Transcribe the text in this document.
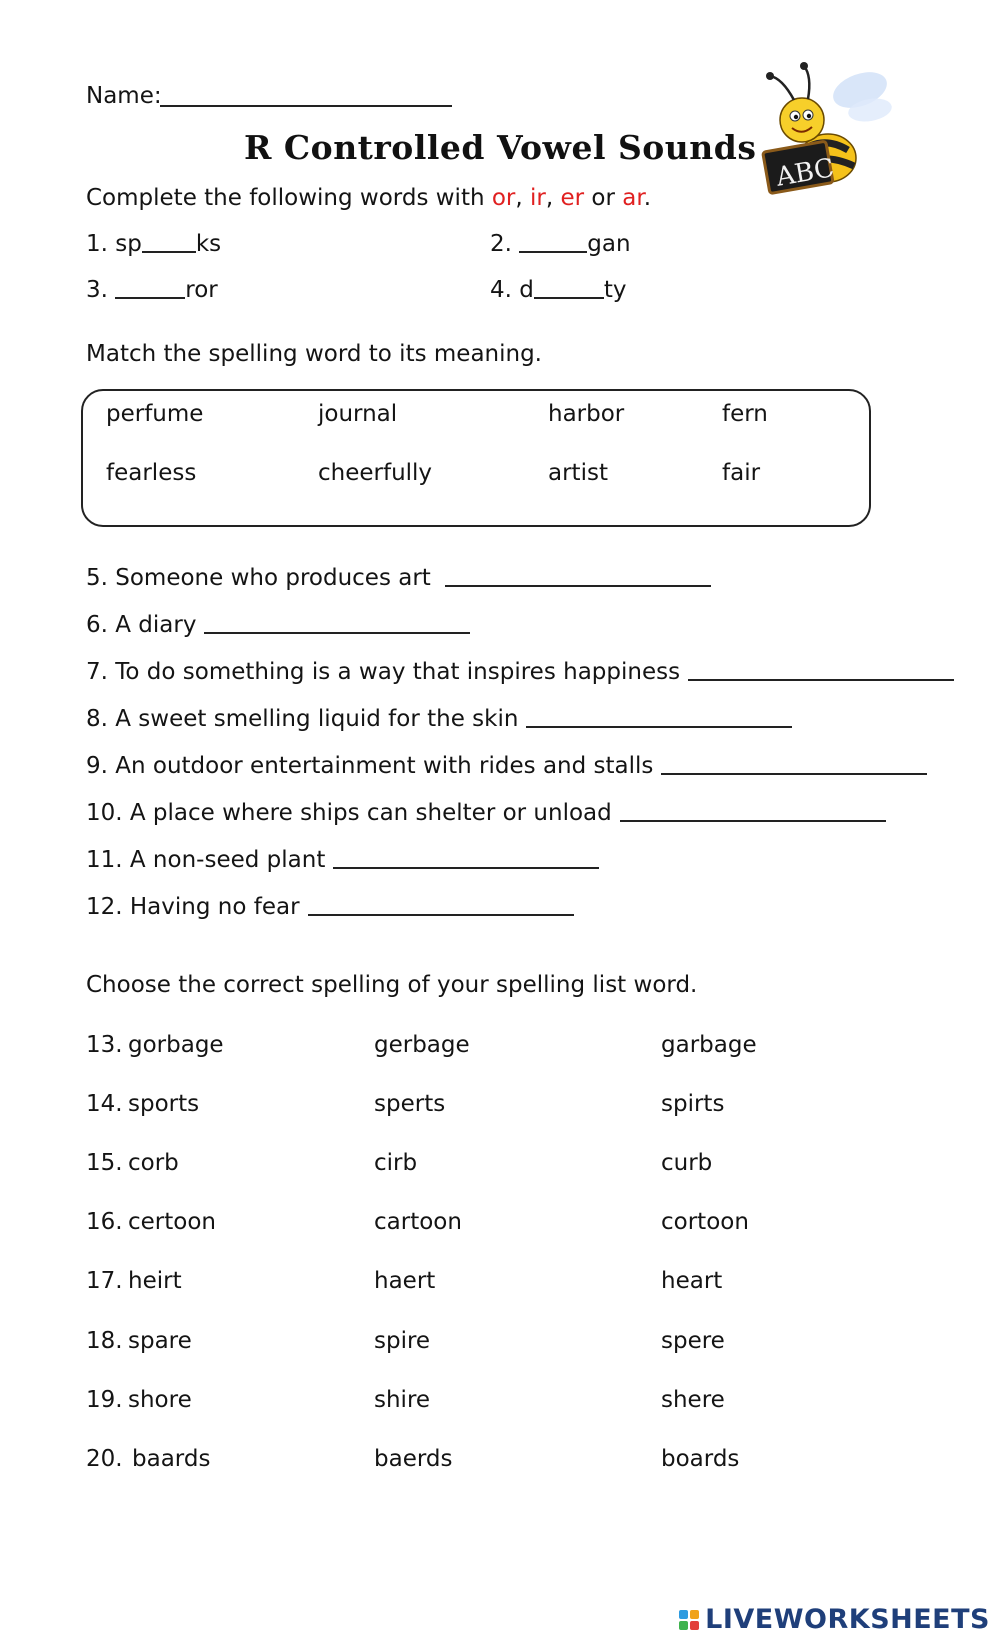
Name:
R Controlled Vowel Sounds
ABC
Complete the following words with or, ir, er or ar.
1. sp ks	2.	gan
3.	ror	4. d	ty
Match the spelling word to its meaning.
perfume	journal	harbor	fern
fearless	cheerfully	artist	fair
5. Someone who produces art
6. A diary
7. To do something is a way that inspires happiness
8. A sweet smelling liquid for the skin
9. An outdoor entertainment with rides and stalls
10. A place where ships can shelter or unload
11. A non-seed plant
12. Having no fear
Choose the correct spelling of your spelling list word.
13. gorbage	gerbage	garbage
14. sports	sperts	spirts
15. corb	cirb	curb
16. certoon	cartoon	cortoon
17. heirt	haert	heart
18. spare	spire	spere
19. shore	shire	shere
20. baards	baerds	boards
LIVEWORKSHEETS
